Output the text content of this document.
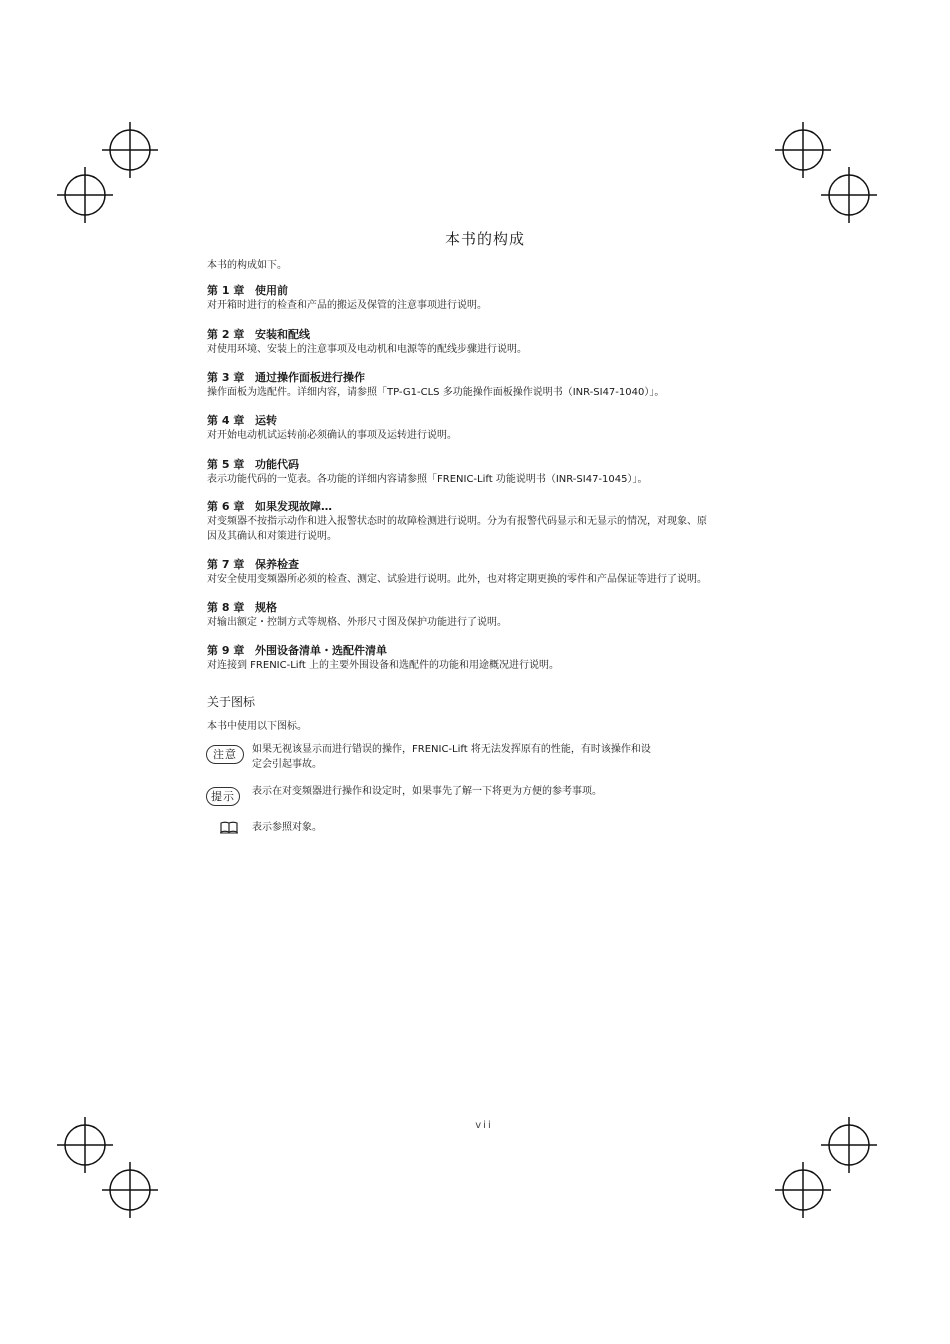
本书的构成
本书的构成如下。
第 1 章 使用前
对开箱时进行的检查和产品的搬运及保管的注意事项进行说明。
第 2 章 安装和配线
对使用环境、安装上的注意事项及电动机和电源等的配线步骤进行说明。
第 3 章 通过操作面板进行操作
操作面板为选配件。详细内容，请参照「TP-G1-CLS 多功能操作面板操作说明书（INR-SI47-1040）」。
第 4 章 运转
对开始电动机试运转前必须确认的事项及运转进行说明。
第 5 章 功能代码
表示功能代码的一览表。各功能的详细内容请参照「FRENIC-Lift 功能说明书（INR-SI47-1045）」。
第 6 章 如果发现故障…
对变频器不按指示动作和进入报警状态时的故障检测进行说明。分为有报警代码显示和无显示的情况，对现象、原
因及其确认和对策进行说明。
第 7 章 保养检查
对安全使用变频器所必须的检查、测定、试验进行说明。此外，也对将定期更换的零件和产品保证等进行了说明。
第 8 章 规格
对输出额定・控制方式等规格、外形尺寸图及保护功能进行了说明。
第 9 章 外围设备清单・选配件清单
对连接到 FRENIC-Lift 上的主要外围设备和选配件的功能和用途概况进行说明。
关于图标
本书中使用以下图标。
注意	如果无视该显示而进行错误的操作，FRENIC-Lift 将无法发挥原有的性能，有时该操作和设
定会引起事故。
提示	表示在对变频器进行操作和设定时，如果事先了解一下将更为方便的参考事项。
表示参照对象。
vii
